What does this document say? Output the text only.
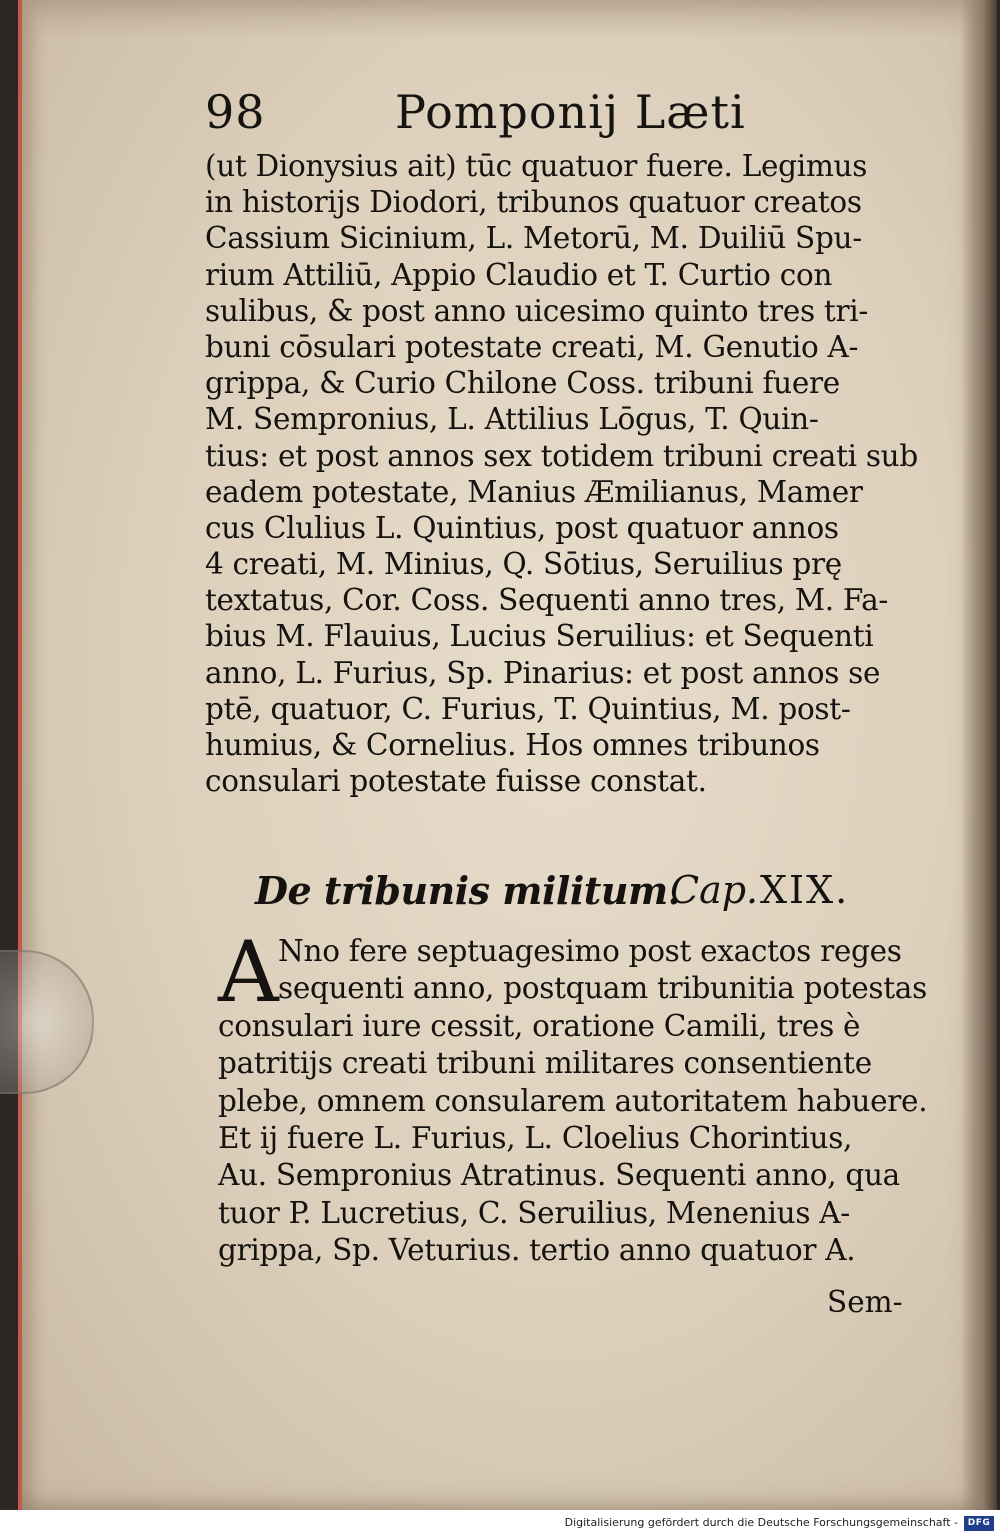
98	Pomponij Læti
(ut Dionysius ait) tūc quatuor fuere. Legimus
in historijs Diodori, tribunos quatuor creatos
Cassium Sicinium, L. Metorū, M. Duiliū Spu-
rium Attiliū, Appio Claudio et T. Curtio con
sulibus, & post anno uicesimo quinto tres tri-
buni cōsulari potestate creati, M. Genutio A-
grippa, & Curio Chilone Coss. tribuni fuere
M. Sempronius, L. Attilius Lōgus, T. Quin-
tius: et post annos sex totidem tribuni creati sub
eadem potestate, Manius Æmilianus, Mamer
cus Clulius L. Quintius, post quatuor annos
4 creati, M. Minius, Q. Sōtius, Seruilius prę
textatus, Cor. Coss. Sequenti anno tres, M. Fa-
bius M. Flauius, Lucius Seruilius: et Sequenti
anno, L. Furius, Sp. Pinarius: et post annos se
ptē, quatuor, C. Furius, T. Quintius, M. post-
humius, & Cornelius. Hos omnes tribunos
consulari potestate fuisse constat.
De tribunis militum.
Cap. XIX.
A Nno fere septuagesimo post exactos reges
sequenti anno, postquam tribunitia potestas
consulari iure cessit, oratione Camili, tres è
patritijs creati tribuni militares consentiente
plebe, omnem consularem autoritatem habuere.
Et ij fuere L. Furius, L. Cloelius Chorintius,
Au. Sempronius Atratinus. Sequenti anno, qua
tuor P. Lucretius, C. Seruilius, Menenius A-
grippa, Sp. Veturius. tertio anno quatuor A.
Sem-
Digitalisierung gefördert durch die Deutsche Forschungsgemeinschaft -	DFG
